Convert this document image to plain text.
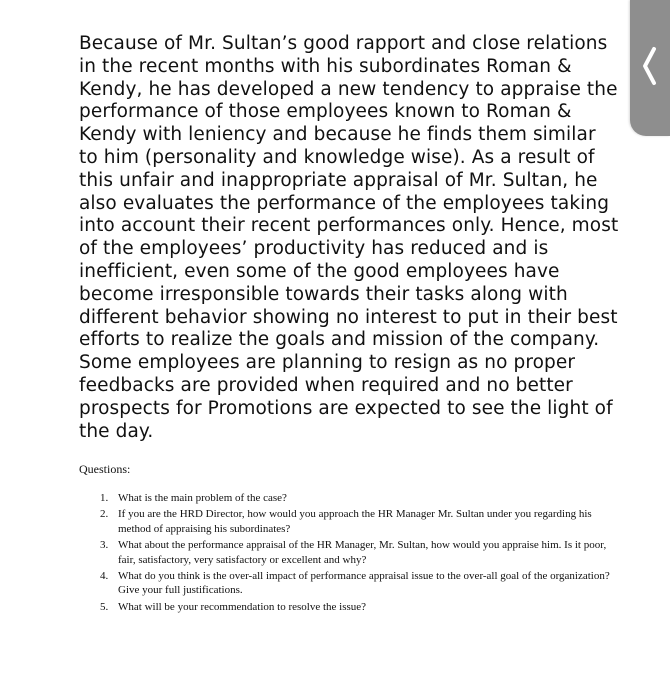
Because of Mr. Sultan’s good rapport and close relations in the recent months with his subordinates Roman & Kendy, he has developed a new tendency to appraise the performance of those employees known to Roman & Kendy with leniency and because he finds them similar to him (personality and knowledge wise). As a result of this unfair and inappropriate appraisal of Mr. Sultan, he also evaluates the performance of the employees taking into account their recent performances only. Hence, most of the employees’ productivity has reduced and is inefficient, even some of the good employees have become irresponsible towards their tasks along with different behavior showing no interest to put in their best efforts to realize the goals and mission of the company. Some employees are planning to resign as no proper feedbacks are provided when required and no better prospects for Promotions are expected to see the light of the day.

Questions:
1. What is the main problem of the case?
2. If you are the HRD Director, how would you approach the HR Manager Mr. Sultan under you regarding his method of appraising his subordinates?
3. What about the performance appraisal of the HR Manager, Mr. Sultan, how would you appraise him. Is it poor, fair, satisfactory, very satisfactory or excellent and why?
4. What do you think is the over-all impact of performance appraisal issue to the over-all goal of the organization? Give your full justifications.
5. What will be your recommendation to resolve the issue?
